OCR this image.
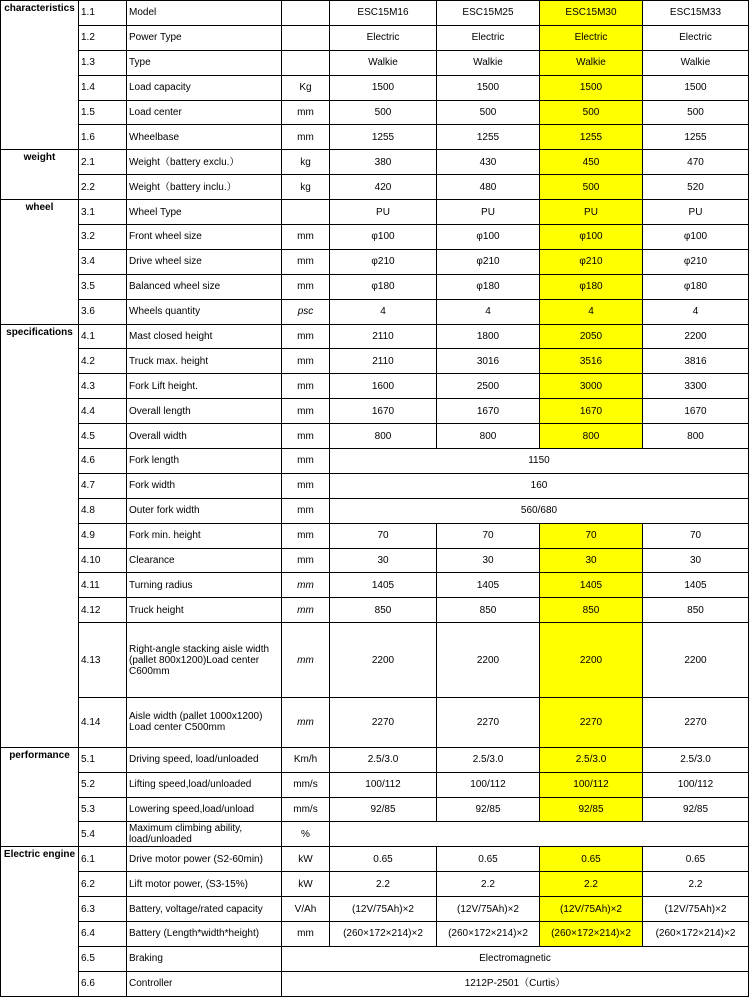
characteristics	1.1	Model		ESC15M16	ESC15M25	ESC15M30	ESC15M33
	1.2	Power Type		Electric	Electric	Electric	Electric
	1.3	Type		Walkie	Walkie	Walkie	Walkie
	1.4	Load capacity	Kg	1500	1500	1500	1500
	1.5	Load center	mm	500	500	500	500
	1.6	Wheelbase	mm	1255	1255	1255	1255
weight	2.1	Weight（battery exclu.）	kg	380	430	450	470
	2.2	Weight（battery inclu.）	kg	420	480	500	520
wheel	3.1	Wheel Type		PU	PU	PU	PU
	3.2	Front wheel size	mm	φ100	φ100	φ100	φ100
	3.4	Drive wheel size	mm	φ210	φ210	φ210	φ210
	3.5	Balanced wheel size	mm	φ180	φ180	φ180	φ180
	3.6	Wheels quantity	psc	4	4	4	4
specifications	4.1	Mast closed height	mm	2110	1800	2050	2200
	4.2	Truck max. height	mm	2110	3016	3516	3816
	4.3	Fork Lift height.	mm	1600	2500	3000	3300
	4.4	Overall length	mm	1670	1670	1670	1670
	4.5	Overall width	mm	800	800	800	800
	4.6	Fork length	mm	1150			
	4.7	Fork width	mm	160			
	4.8	Outer fork width	mm	560/680			
	4.9	Fork min. height	mm	70	70	70	70
	4.10	Clearance	mm	30	30	30	30
	4.11	Turning radius	mm	1405	1405	1405	1405
	4.12	Truck height	mm	850	850	850	850
	4.13	Right-angle stacking aisle width (pallet 800x1200)Load center C600mm	mm	2200	2200	2200	2200
	4.14	Aisle width (pallet 1000x1200) Load center C500mm	mm	2270	2270	2270	2270
performance	5.1	Driving speed, load/unloaded	Km/h	2.5/3.0	2.5/3.0	2.5/3.0	2.5/3.0
	5.2	Lifting speed,load/unloaded	mm/s	100/112	100/112	100/112	100/112
	5.3	Lowering speed,load/unload	mm/s	92/85	92/85	92/85	92/85
	5.4	Maximum climbing ability, load/unloaded	%				
Electric engine	6.1	Drive motor power (S2-60min)	kW	0.65	0.65	0.65	0.65
	6.2	Lift motor power, (S3-15%)	kW	2.2	2.2	2.2	2.2
	6.3	Battery, voltage/rated capacity	V/Ah	(12V/75Ah)×2	(12V/75Ah)×2	(12V/75Ah)×2	(12V/75Ah)×2
	6.4	Battery (Length*width*height)	mm	(260×172×214)×2	(260×172×214)×2	(260×172×214)×2	(260×172×214)×2
	6.5	Braking	Electromagnetic				
	6.6	Controller	1212P-2501（Curtis）				
